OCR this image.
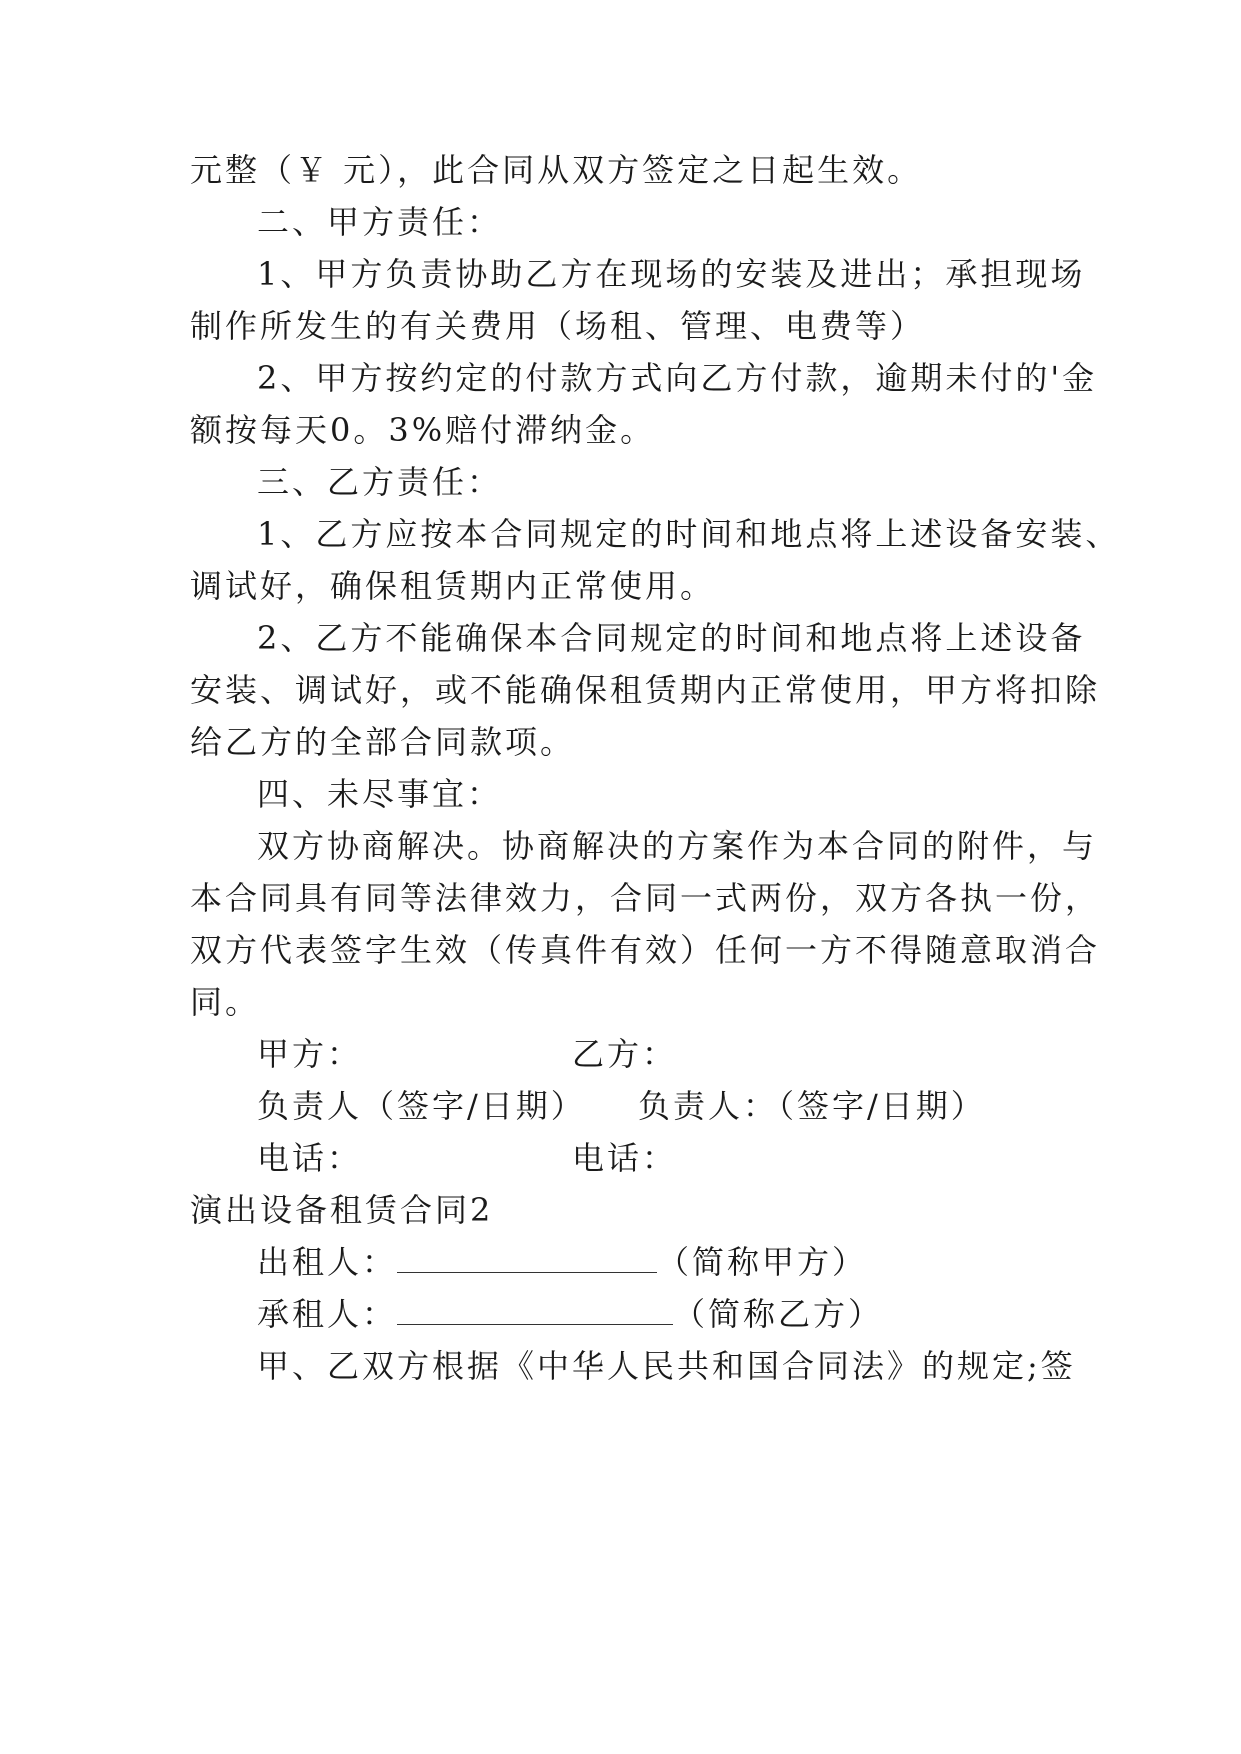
元整（￥ 元），此合同从双方签定之日起生效。
二、甲方责任：
1、甲方负责协助乙方在现场的安装及进出；承担现场
制作所发生的有关费用（场租、管理、电费等）
2、甲方按约定的付款方式向乙方付款，逾期未付的'金
额按每天0。3%赔付滞纳金。
三、乙方责任：
1、乙方应按本合同规定的时间和地点将上述设备安装、
调试好，确保租赁期内正常使用。
2、乙方不能确保本合同规定的时间和地点将上述设备
安装、调试好，或不能确保租赁期内正常使用，甲方将扣除
给乙方的全部合同款项。
四、未尽事宜：
双方协商解决。协商解决的方案作为本合同的附件，与
本合同具有同等法律效力，合同一式两份，双方各执一份，
双方代表签字生效（传真件有效）任何一方不得随意取消合
同。
甲方：	乙方：
负责人（签字/日期） 负责人：（签字/日期）
电话：	电话：
演出设备租赁合同2
出租人：	（简称甲方）
承租人：	（简称乙方）
甲、乙双方根据《中华人民共和国合同法》的规定;签
